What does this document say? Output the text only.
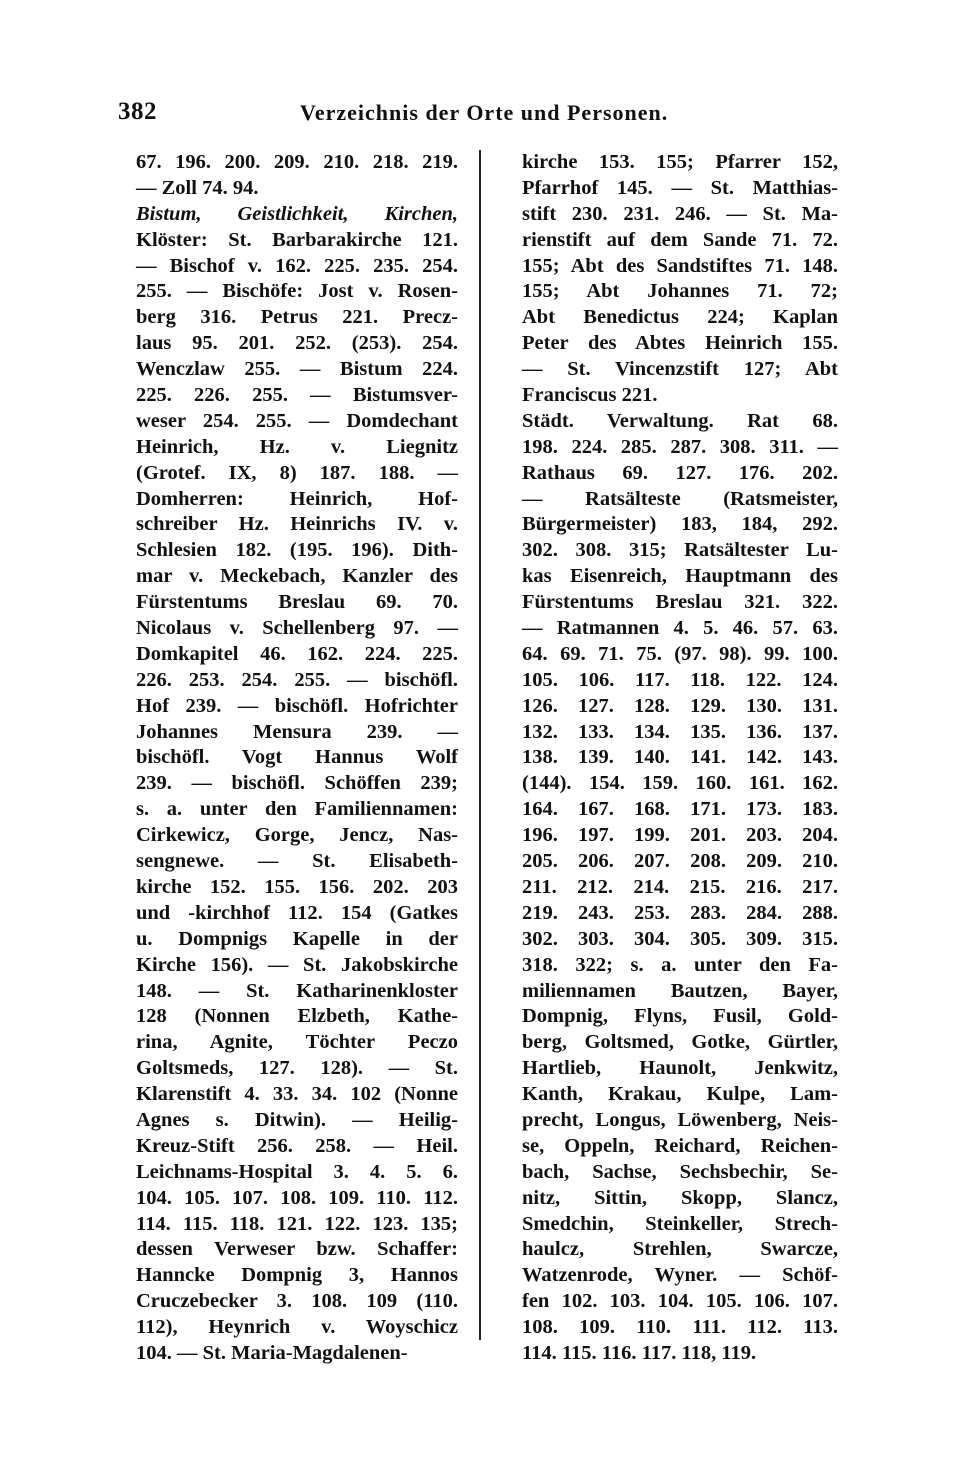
382	Verzeichnis der Orte und Personen.
67. 196. 200. 209. 210. 218. 219.
— Zoll 74. 94.
Bistum, Geistlichkeit, Kirchen,
Klöster: St. Barbarakirche 121.
— Bischof v. 162. 225. 235. 254.
255. — Bischöfe: Jost v. Rosen-
berg 316. Petrus 221. Precz-
laus 95. 201. 252. (253). 254.
Wenczlaw 255. — Bistum 224.
225. 226. 255. — Bistumsver-
weser 254. 255. — Domdechant
Heinrich, Hz. v. Liegnitz
(Grotef. IX, 8) 187. 188. —
Domherren: Heinrich, Hof-
schreiber Hz. Heinrichs IV. v.
Schlesien 182. (195. 196). Dith-
mar v. Meckebach, Kanzler des
Fürstentums Breslau 69. 70.
Nicolaus v. Schellenberg 97. —
Domkapitel 46. 162. 224. 225.
226. 253. 254. 255. — bischöfl.
Hof 239. — bischöfl. Hofrichter
Johannes Mensura 239. —
bischöfl. Vogt Hannus Wolf
239. — bischöfl. Schöffen 239;
s. a. unter den Familiennamen:
Cirkewicz, Gorge, Jencz, Nas-
sengnewe. — St. Elisabeth-
kirche 152. 155. 156. 202. 203
und -kirchhof 112. 154 (Gatkes
u. Dompnigs Kapelle in der
Kirche 156). — St. Jakobskirche
148. — St. Katharinenkloster
128 (Nonnen Elzbeth, Kathe-
rina, Agnite, Töchter Peczo
Goltsmeds, 127. 128). — St.
Klarenstift 4. 33. 34. 102 (Nonne
Agnes s. Ditwin). — Heilig-
Kreuz-Stift 256. 258. — Heil.
Leichnams-Hospital 3. 4. 5. 6.
104. 105. 107. 108. 109. 110. 112.
114. 115. 118. 121. 122. 123. 135;
dessen Verweser bzw. Schaffer:
Hanncke Dompnig 3, Hannos
Cruczebecker 3. 108. 109 (110.
112), Heynrich v. Woyschicz
104. — St. Maria-Magdalenen-
kirche 153. 155; Pfarrer 152,
Pfarrhof 145. — St. Matthias-
stift 230. 231. 246. — St. Ma-
rienstift auf dem Sande 71. 72.
155; Abt des Sandstiftes 71. 148.
155; Abt Johannes 71. 72;
Abt Benedictus 224; Kaplan
Peter des Abtes Heinrich 155.
— St. Vincenzstift 127; Abt
Franciscus 221.
Städt. Verwaltung. Rat 68.
198. 224. 285. 287. 308. 311. —
Rathaus 69. 127. 176. 202.
— Ratsälteste (Ratsmeister,
Bürgermeister) 183, 184, 292.
302. 308. 315; Ratsältester Lu-
kas Eisenreich, Hauptmann des
Fürstentums Breslau 321. 322.
— Ratmannen 4. 5. 46. 57. 63.
64. 69. 71. 75. (97. 98). 99. 100.
105. 106. 117. 118. 122. 124.
126. 127. 128. 129. 130. 131.
132. 133. 134. 135. 136. 137.
138. 139. 140. 141. 142. 143.
(144). 154. 159. 160. 161. 162.
164. 167. 168. 171. 173. 183.
196. 197. 199. 201. 203. 204.
205. 206. 207. 208. 209. 210.
211. 212. 214. 215. 216. 217.
219. 243. 253. 283. 284. 288.
302. 303. 304. 305. 309. 315.
318. 322; s. a. unter den Fa-
miliennamen Bautzen, Bayer,
Dompnig, Flyns, Fusil, Gold-
berg, Goltsmed, Gotke, Gürtler,
Hartlieb, Haunolt, Jenkwitz,
Kanth, Krakau, Kulpe, Lam-
precht, Longus, Löwenberg, Neis-
se, Oppeln, Reichard, Reichen-
bach, Sachse, Sechsbechir, Se-
nitz, Sittin, Skopp, Slancz,
Smedchin, Steinkeller, Strech-
haulcz, Strehlen, Swarcze,
Watzenrode, Wyner. — Schöf-
fen 102. 103. 104. 105. 106. 107.
108. 109. 110. 111. 112. 113.
114. 115. 116. 117. 118, 119.
